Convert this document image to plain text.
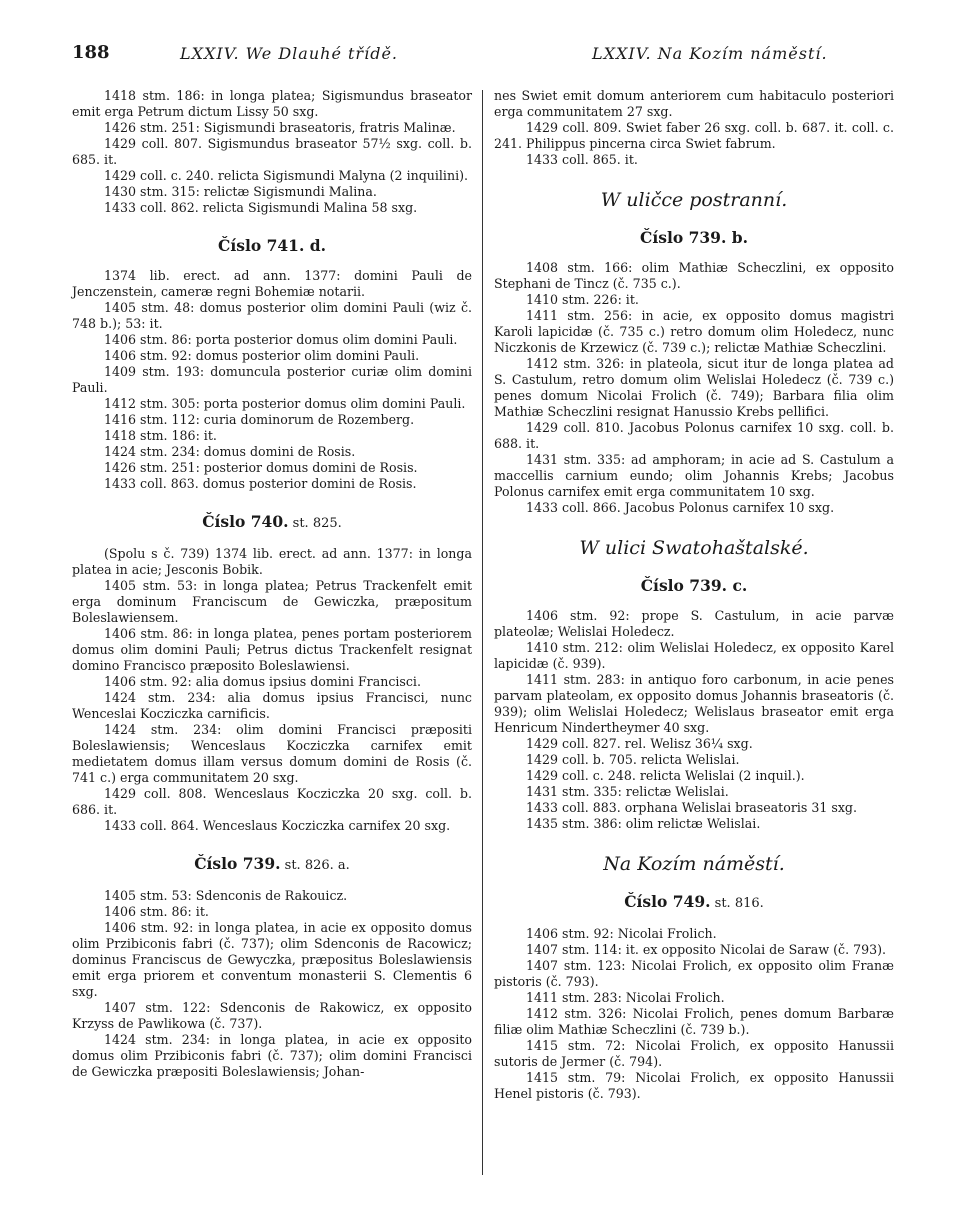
188	LXXIV. We Dlauhé třídě.	LXXIV. Na Kozím náměstí.

1418 stm. 186: in longa platea; Sigismundus braseator emit erga Petrum dictum Lissy 50 sxg.

1426 stm. 251: Sigismundi braseatoris, fratris Malinæ.

1429 coll. 807. Sigismundus braseator 57½ sxg. coll. b. 685. it.

1429 coll. c. 240. relicta Sigismundi Malyna (2 inquilini).

1430 stm. 315: relictæ Sigismundi Malina.

1433 coll. 862. relicta Sigismundi Malina 58 sxg.

Číslo 741. d.

1374 lib. erect. ad ann. 1377: domini Pauli de Jenczenstein, cameræ regni Bohemiæ notarii.

1405 stm. 48: domus posterior olim domini Pauli (wiz č. 748 b.); 53: it.

1406 stm. 86: porta posterior domus olim domini Pauli.

1406 stm. 92: domus posterior olim domini Pauli.

1409 stm. 193: domuncula posterior curiæ olim domini Pauli.

1412 stm. 305: porta posterior domus olim domini Pauli.

1416 stm. 112: curia dominorum de Rozemberg.

1418 stm. 186: it.

1424 stm. 234: domus domini de Rosis.

1426 stm. 251: posterior domus domini de Rosis.

1433 coll. 863. domus posterior domini de Rosis.

Číslo 740. st. 825.

(Spolu s č. 739) 1374 lib. erect. ad ann. 1377: in longa platea in acie; Jesconis Bobik.

1405 stm. 53: in longa platea; Petrus Trackenfelt emit erga dominum Franciscum de Gewiczka, præpositum Boleslawiensem.

1406 stm. 86: in longa platea, penes portam posteriorem domus olim domini Pauli; Petrus dictus Trackenfelt resignat domino Francisco præposito Boleslawiensi.

1406 stm. 92: alia domus ipsius domini Francisci.

1424 stm. 234: alia domus ipsius Francisci, nunc Wenceslai Kocziczka carnificis.

1424 stm. 234: olim domini Francisci præpositi Boleslawiensis; Wenceslaus Kocziczka carnifex emit medietatem domus illam versus domum domini de Rosis (č. 741 c.) erga communitatem 20 sxg.

1429 coll. 808. Wenceslaus Kocziczka 20 sxg. coll. b. 686. it.

1433 coll. 864. Wenceslaus Kocziczka carnifex 20 sxg.

Číslo 739. st. 826. a.

1405 stm. 53: Sdenconis de Rakouicz.

1406 stm. 86: it.

1406 stm. 92: in longa platea, in acie ex opposito domus olim Przibiconis fabri (č. 737); olim Sdenconis de Racowicz; dominus Franciscus de Gewyczka, præpositus Boleslawiensis emit erga priorem et conventum monasterii S. Clementis 6 sxg.

1407 stm. 122: Sdenconis de Rakowicz, ex opposito Krzyss de Pawlikowa (č. 737).

1424 stm. 234: in longa platea, in acie ex opposito domus olim Przibiconis fabri (č. 737); olim domini Francisci de Gewiczka præpositi Boleslawiensis; Johan-

nes Swiet emit domum anteriorem cum habitaculo posteriori erga communitatem 27 sxg.

1429 coll. 809. Swiet faber 26 sxg. coll. b. 687. it. coll. c. 241. Philippus pincerna circa Swiet fabrum.

1433 coll. 865. it.

W uličce postranní.
Číslo 739. b.

1408 stm. 166: olim Mathiæ Scheczlini, ex opposito Stephani de Tincz (č. 735 c.).

1410 stm. 226: it.

1411 stm. 256: in acie, ex opposito domus magistri Karoli lapicidæ (č. 735 c.) retro domum olim Holedecz, nunc Niczkonis de Krzewicz (č. 739 c.); relictæ Mathiæ Scheczlini.

1412 stm. 326: in plateola, sicut itur de longa platea ad S. Castulum, retro domum olim Welislai Holedecz (č. 739 c.) penes domum Nicolai Frolich (č. 749); Barbara filia olim Mathiæ Scheczlini resignat Hanussio Krebs pellifici.

1429 coll. 810. Jacobus Polonus carnifex 10 sxg. coll. b. 688. it.

1431 stm. 335: ad amphoram; in acie ad S. Castulum a maccellis carnium eundo; olim Johannis Krebs; Jacobus Polonus carnifex emit erga communitatem 10 sxg.

1433 coll. 866. Jacobus Polonus carnifex 10 sxg.

W ulici Swatohaštalské.
Číslo 739. c.

1406 stm. 92: prope S. Castulum, in acie parvæ plateolæ; Welislai Holedecz.

1410 stm. 212: olim Welislai Holedecz, ex opposito Karel lapicidæ (č. 939).

1411 stm. 283: in antiquo foro carbonum, in acie penes parvam plateolam, ex opposito domus Johannis braseatoris (č. 939); olim Welislai Holedecz; Welislaus braseator emit erga Henricum Nindertheymer 40 sxg.

1429 coll. 827. rel. Welisz 36¼ sxg.

1429 coll. b. 705. relicta Welislai.

1429 coll. c. 248. relicta Welislai (2 inquil.).

1431 stm. 335: relictæ Welislai.

1433 coll. 883. orphana Welislai braseatoris 31 sxg.

1435 stm. 386: olim relictæ Welislai.

Na Kozím náměstí.
Číslo 749. st. 816.

1406 stm. 92: Nicolai Frolich.

1407 stm. 114: it. ex opposito Nicolai de Saraw (č. 793).

1407 stm. 123: Nicolai Frolich, ex opposito olim Franæ pistoris (č. 793).

1411 stm. 283: Nicolai Frolich.

1412 stm. 326: Nicolai Frolich, penes domum Barbaræ filiæ olim Mathiæ Scheczlini (č. 739 b.).

1415 stm. 72: Nicolai Frolich, ex opposito Hanussii sutoris de Jermer (č. 794).

1415 stm. 79: Nicolai Frolich, ex opposito Hanussii Henel pistoris (č. 793).
